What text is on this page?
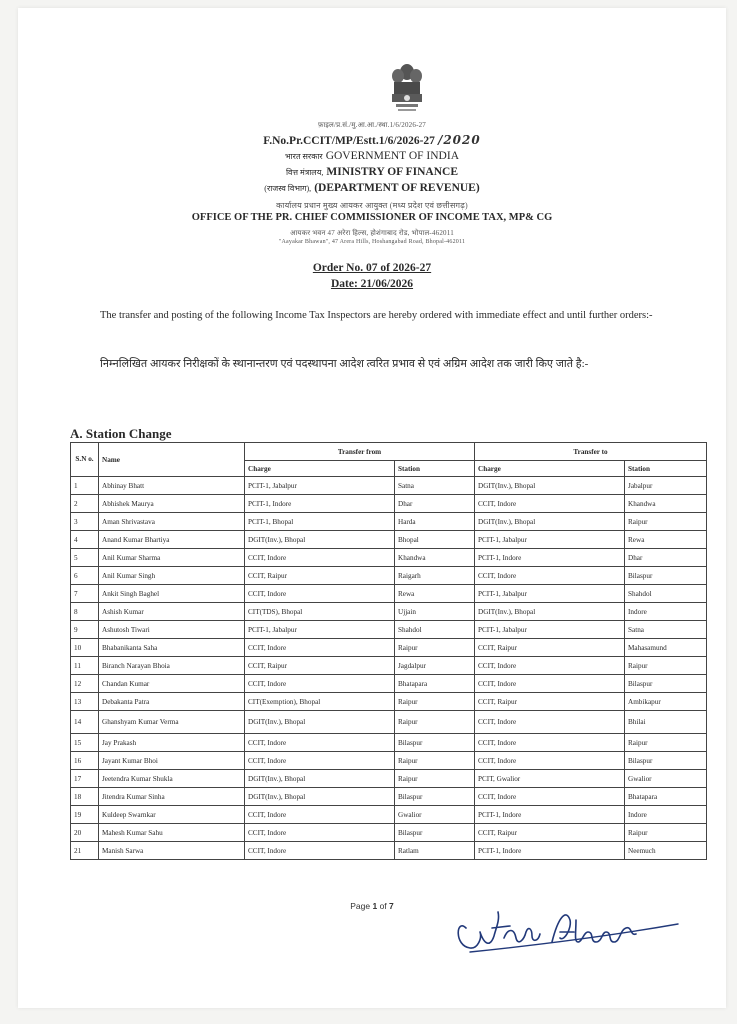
फ़ाइल/प्र.सं./मु.आ.आ./स्था.1/6/2026-27
F.No.Pr.CCIT/MP/Estt.1/6/2026-27 /2020
भारत सरकार GOVERNMENT OF INDIA
वित्त मंत्रालय, MINISTRY OF FINANCE
(राजस्व विभाग), (DEPARTMENT OF REVENUE)
कार्यालय प्रधान मुख्य आयकर आयुक्त (मध्य प्रदेश एवं छत्तीसगढ़)
OFFICE OF THE PR. CHIEF COMMISSIONER OF INCOME TAX, MP& CG
आयकर भवन 47 अरेरा हिल्स, होशंगाबाद रोड, भोपाल-462011
"Aayakar Bhawan", 47 Arera Hills, Hoshangabad Road, Bhopal-462011
Order No. 07 of 2026-27
Date: 21/06/2026
The transfer and posting of the following Income Tax Inspectors are hereby ordered with immediate effect and until further orders:-
निम्नलिखित आयकर निरीक्षकों के स्थानान्तरण एवं पदस्थापना आदेश त्वरित प्रभाव से एवं अग्रिम आदेश तक जारी किए जाते है:-
A. Station Change
S.N o.	Name	Transfer from		Transfer to	
		Charge	Station	Charge	Station
1	Abhinay Bhatt	PCIT-1, Jabalpur	Satna	DGIT(Inv.), Bhopal	Jabalpur
2	Abhishek Maurya	PCIT-1, Indore	Dhar	CCIT, Indore	Khandwa
3	Aman Shrivastava	PCIT-1, Bhopal	Harda	DGIT(Inv.), Bhopal	Raipur
4	Anand Kumar Bhartiya	DGIT(Inv.), Bhopal	Bhopal	PCIT-1, Jabalpur	Rewa
5	Anil Kumar Sharma	CCIT, Indore	Khandwa	PCIT-1, Indore	Dhar
6	Anil Kumar Singh	CCIT, Raipur	Raigarh	CCIT, Indore	Bilaspur
7	Ankit Singh Baghel	CCIT, Indore	Rewa	PCIT-1, Jabalpur	Shahdol
8	Ashish Kumar	CIT(TDS), Bhopal	Ujjain	DGIT(Inv.), Bhopal	Indore
9	Ashutosh Tiwari	PCIT-1, Jabalpur	Shahdol	PCIT-1, Jabalpur	Satna
10	Bhabanikanta Saha	CCIT, Indore	Raipur	CCIT, Raipur	Mahasamund
11	Biranch Narayan Bhoia	CCIT, Raipur	Jagdalpur	CCIT, Indore	Raipur
12	Chandan Kumar	CCIT, Indore	Bhatapara	CCIT, Indore	Bilaspur
13	Debakanta Patra	CIT(Exemption), Bhopal	Raipur	CCIT, Raipur	Ambikapur
14	Ghanshyam Kumar Verma	DGIT(Inv.), Bhopal	Raipur	CCIT, Indore	Bhilai
15	Jay Prakash	CCIT, Indore	Bilaspur	CCIT, Indore	Raipur
16	Jayant Kumar Bhoi	CCIT, Indore	Raipur	CCIT, Indore	Bilaspur
17	Jeetendra Kumar Shukla	DGIT(Inv.), Bhopal	Raipur	PCIT, Gwalior	Gwalior
18	Jitendra Kumar Sinha	DGIT(Inv.), Bhopal	Bilaspur	CCIT, Indore	Bhatapara
19	Kuldeep Swarnkar	CCIT, Indore	Gwalior	PCIT-1, Indore	Indore
20	Mahesh Kumar Sahu	CCIT, Indore	Bilaspur	CCIT, Raipur	Raipur
21	Manish Sarwa	CCIT, Indore	Ratlam	PCIT-1, Indore	Neemuch
Page 1 of 7
